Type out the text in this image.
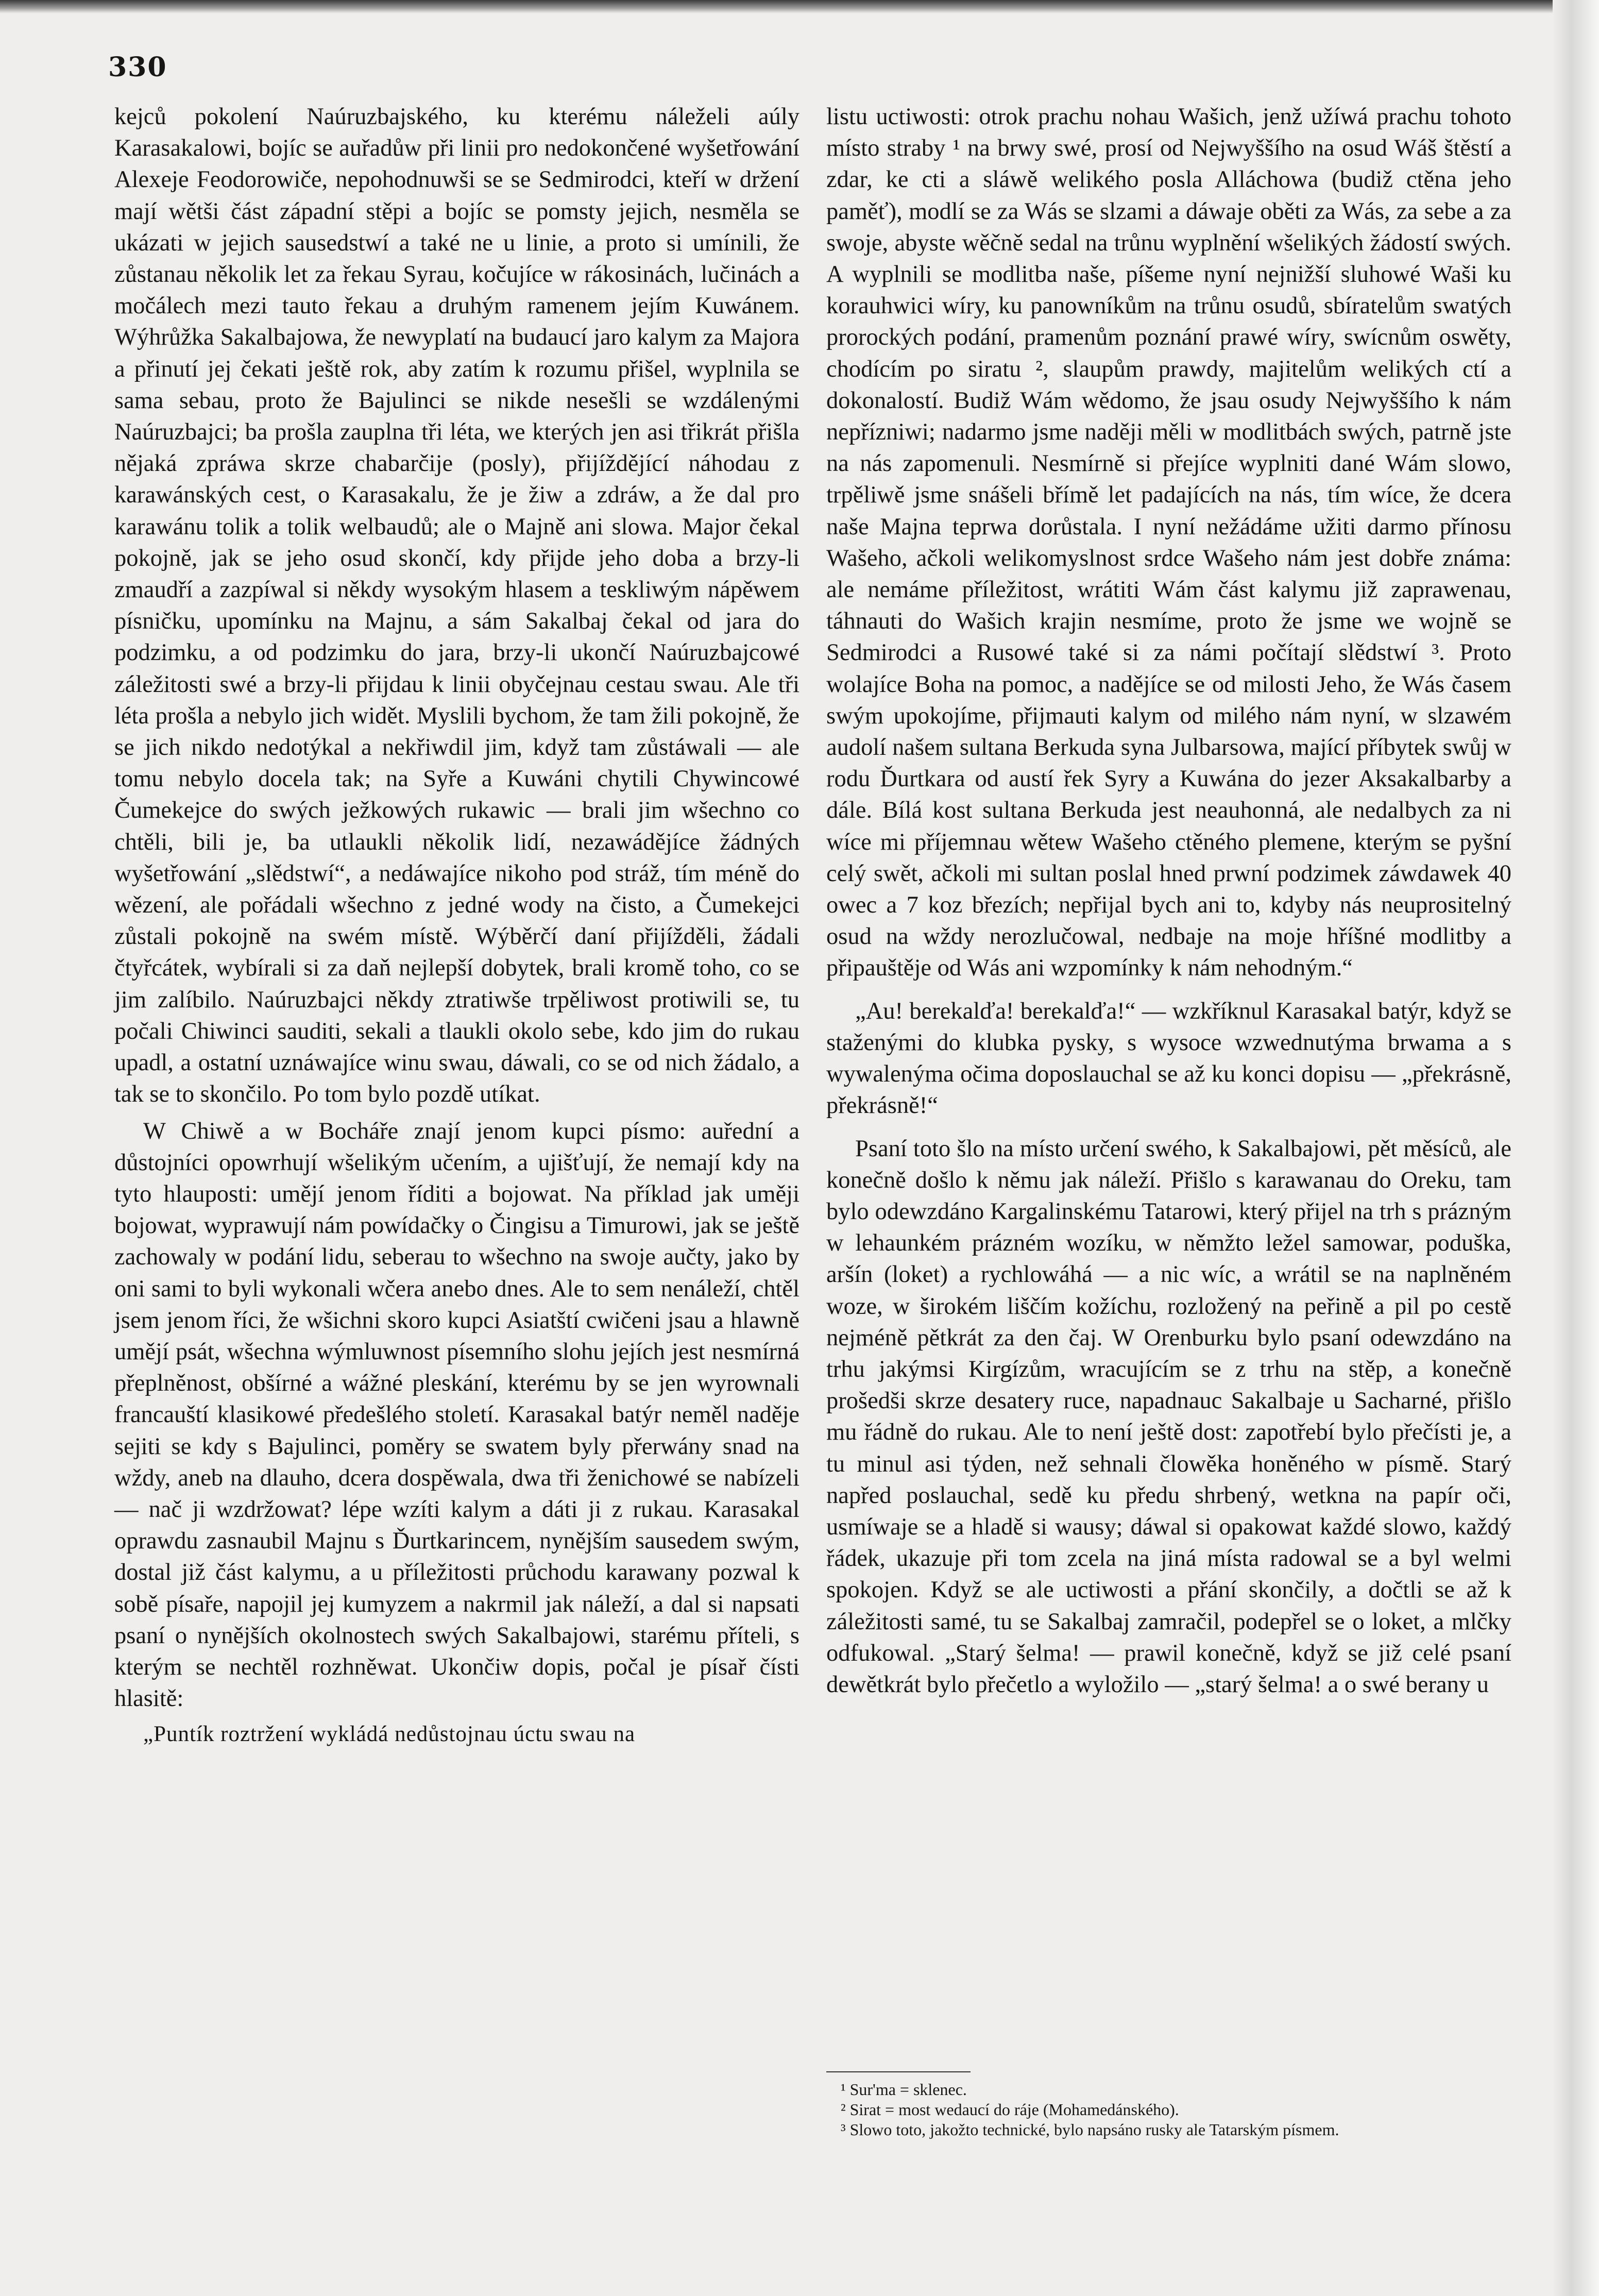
330

kejců pokolení Naúruzbajského, ku kterému náleželi aúly Karasakalowi, bojíc se auřadůw při linii pro nedokončené wyšetřowání Alexeje Feodorowiče, nepohodnuwši se se Sedmirodci, kteří w držení mají wětši část západní stěpi a bojíc se pomsty jejich, nesměla se ukázati w jejich sausedstwí a také ne u linie, a proto si umínili, že zůstanau několik let za řekau Syrau, kočujíce w rákosinách, lučinách a močálech mezi tauto řekau a druhým ramenem jejím Kuwánem. Wýhrůžka Sakalbajowa, že newyplatí na budaucí jaro kalym za Majora a přinutí jej čekati ještě rok, aby zatím k rozumu přišel, wyplnila se sama sebau, proto že Bajulinci se nikde nesešli se wzdálenými Naúruzbajci; ba prošla zauplna tři léta, we kterých jen asi třikrát přišla nějaká zpráwa skrze chabarčije (posly), přijíždějící náhodau z karawánských cest, o Karasakalu, že je žiw a zdráw, a že dal pro karawánu tolik a tolik welbaudů; ale o Majně ani slowa. Major čekal pokojně, jak se jeho osud skončí, kdy přijde jeho doba a brzy-li zmaudří a zazpíwal si někdy wysokým hlasem a teskliwým nápěwem písničku, upomínku na Majnu, a sám Sakalbaj čekal od jara do podzimku, a od podzimku do jara, brzy-li ukončí Naúruzbajcowé záležitosti swé a brzy-li přijdau k linii obyčejnau cestau swau. Ale tři léta prošla a nebylo jich widět. Myslili bychom, že tam žili pokojně, že se jich nikdo nedotýkal a nekřiwdil jim, když tam zůstáwali — ale tomu nebylo docela tak; na Syře a Kuwáni chytili Chywincowé Čumekejce do swých ježkowých rukawic — brali jim wšechno co chtěli, bili je, ba utlaukli několik lidí, nezawádějíce žádných wyšetřowání „slědstwí“, a nedáwajíce nikoho pod stráž, tím méně do wězení, ale pořádali wšechno z jedné wody na čisto, a Čumekejci zůstali pokojně na swém místě. Wýběrčí daní přijížděli, žádali čtyřcátek, wybírali si za daň nejlepší dobytek, brali kromě toho, co se jim zalíbilo. Naúruzbajci někdy ztratiwše trpěliwost protiwili se, tu počali Chiwinci sauditi, sekali a tlaukli okolo sebe, kdo jim do rukau upadl, a ostatní uznáwajíce winu swau, dáwali, co se od nich žádalo, a tak se to skončilo. Po tom bylo pozdě utíkat.

W Chiwě a w Bocháře znají jenom kupci písmo: auřední a důstojníci opowrhují wšelikým učením, a ujišťují, že nemají kdy na tyto hlauposti: umějí jenom říditi a bojowat. Na příklad jak uměji bojowat, wyprawují nám powídačky o Čingisu a Timurowi, jak se ještě zachowaly w podání lidu, seberau to wšechno na swoje aučty, jako by oni sami to byli wykonali wčera anebo dnes. Ale to sem nenáleží, chtěl jsem jenom říci, že wšichni skoro kupci Asiatští cwičeni jsau a hlawně umějí psát, wšechna wýmluwnost písemního slohu jejích jest nesmírná přeplněnost, obšírné a wážné pleskání, kterému by se jen wyrownali francauští klasikowé předešlého století. Karasakal batýr neměl naděje sejiti se kdy s Bajulinci, poměry se swatem byly přerwány snad na wždy, aneb na dlauho, dcera dospěwala, dwa tři ženichowé se nabízeli — nač ji wzdržowat? lépe wzíti kalym a dáti ji z rukau. Karasakal oprawdu zasnaubil Majnu s Ďurtkarincem, nynějším sausedem swým, dostal již část kalymu, a u příležitosti průchodu karawany pozwal k sobě písaře, napojil jej kumyzem a nakrmil jak náleží, a dal si napsati psaní o nynějších okolnostech swých Sakalbajowi, starému příteli, s kterým se nechtěl rozhněwat. Ukončiw dopis, počal je písař čísti hlasitě:

„Puntík roztržení wykládá nedůstojnau úctu swau na

listu uctiwosti: otrok prachu nohau Wašich, jenž užíwá prachu tohoto místo straby ¹ na brwy swé, prosí od Nejwyššího na osud Wáš štěstí a zdar, ke cti a sláwě welikého posla Alláchowa (budiž ctěna jeho paměť), modlí se za Wás se slzami a dáwaje oběti za Wás, za sebe a za swoje, abyste wěčně sedal na trůnu wyplnění wšelikých žádostí swých. A wyplnili se modlitba naše, píšeme nyní nejnižší sluhowé Waši ku korauhwici wíry, ku panowníkům na trůnu osudů, sbíratelům swatých prorockých podání, pramenům poznání prawé wíry, swícnům oswěty, chodícím po siratu ², slaupům prawdy, majitelům welikých ctí a dokonalostí. Budiž Wám wědomo, že jsau osudy Nejwyššího k nám nepřízniwi; nadarmo jsme naději měli w modlitbách swých, patrně jste na nás zapomenuli. Nesmírně si přejíce wyplniti dané Wám slowo, trpěliwě jsme snášeli břímě let padajících na nás, tím wíce, že dcera naše Majna teprwa dorůstala. I nyní nežádáme užiti darmo přínosu Wašeho, ačkoli welikomyslnost srdce Wašeho nám jest dobře známa: ale nemáme příležitost, wrátiti Wám část kalymu již zaprawenau, táhnauti do Wašich krajin nesmíme, proto že jsme we wojně se Sedmirodci a Rusowé také si za námi počítají slědstwí ³. Proto wolajíce Boha na pomoc, a nadějíce se od milosti Jeho, že Wás časem swým upokojíme, přijmauti kalym od milého nám nyní, w slzawém audolí našem sultana Berkuda syna Julbarsowa, mající příbytek swůj w rodu Ďurtkara od austí řek Syry a Kuwána do jezer Aksakalbarby a dále. Bílá kost sultana Berkuda jest neauhonná, ale nedalbych za ni wíce mi příjemnau wětew Wašeho ctěného plemene, kterým se pyšní celý swět, ačkoli mi sultan poslal hned prwní podzimek záwdawek 40 owec a 7 koz březích; nepřijal bych ani to, kdyby nás neuprositelný osud na wždy nerozlučowal, nedbaje na moje hříšné modlitby a připauštěje od Wás ani wzpomínky k nám nehodným.“

„Au! berekalďa! berekalďa!“ — wzkříknul Karasakal batýr, když se staženými do klubka pysky, s wysoce wzwednutýma brwama a s wywalenýma očima doposlauchal se až ku konci dopisu — „překrásně, překrásně!“

Psaní toto šlo na místo určení swého, k Sakalbajowi, pět měsíců, ale konečně došlo k němu jak náleží. Přišlo s karawanau do Oreku, tam bylo odewzdáno Kargalinskému Tatarowi, který přijel na trh s prázným w lehaunkém prázném wozíku, w němžto ležel samowar, poduška, aršín (loket) a rychlowáhá — a nic wíc, a wrátil se na naplněném woze, w širokém liščím kožíchu, rozložený na peřině a pil po cestě nejméně pětkrát za den čaj. W Orenburku bylo psaní odewzdáno na trhu jakýmsi Kirgízům, wracujícím se z trhu na stěp, a konečně prošedši skrze desatery ruce, napadnauc Sakalbaje u Sacharné, přišlo mu řádně do rukau. Ale to není ještě dost: zapotřebí bylo přečísti je, a tu minul asi týden, než sehnali člowěka honěného w písmě. Starý napřed poslauchal, sedě ku předu shrbený, wetkna na papír oči, usmíwaje se a hladě si wausy; dáwal si opakowat každé slowo, každý řádek, ukazuje při tom zcela na jiná místa radowal se a byl welmi spokojen. Když se ale uctiwosti a přání skončily, a dočtli se až k záležitosti samé, tu se Sakalbaj zamračil, podepřel se o loket, a mlčky odfukowal. „Starý šelma! — prawil konečně, když se již celé psaní dewětkrát bylo přečetlo a wyložilo — „starý šelma! a o swé berany u

¹ Sur'ma = sklenec.

² Sirat = most wedaucí do ráje (Mohamedánského).

³ Slowo toto, jakožto technické, bylo napsáno rusky ale Tatarským písmem.
